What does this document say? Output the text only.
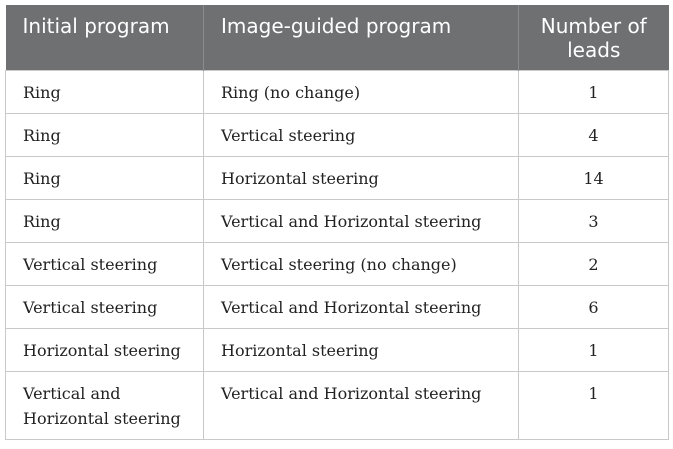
Initial program	Image-guided program	Number of leads
Ring	Ring (no change)	1
Ring	Vertical steering	4
Ring	Horizontal steering	14
Ring	Vertical and Horizontal steering	3
Vertical steering	Vertical steering (no change)	2
Vertical steering	Vertical and Horizontal steering	6
Horizontal steering	Horizontal steering	1
Vertical and Horizontal steering	Vertical and Horizontal steering	1
